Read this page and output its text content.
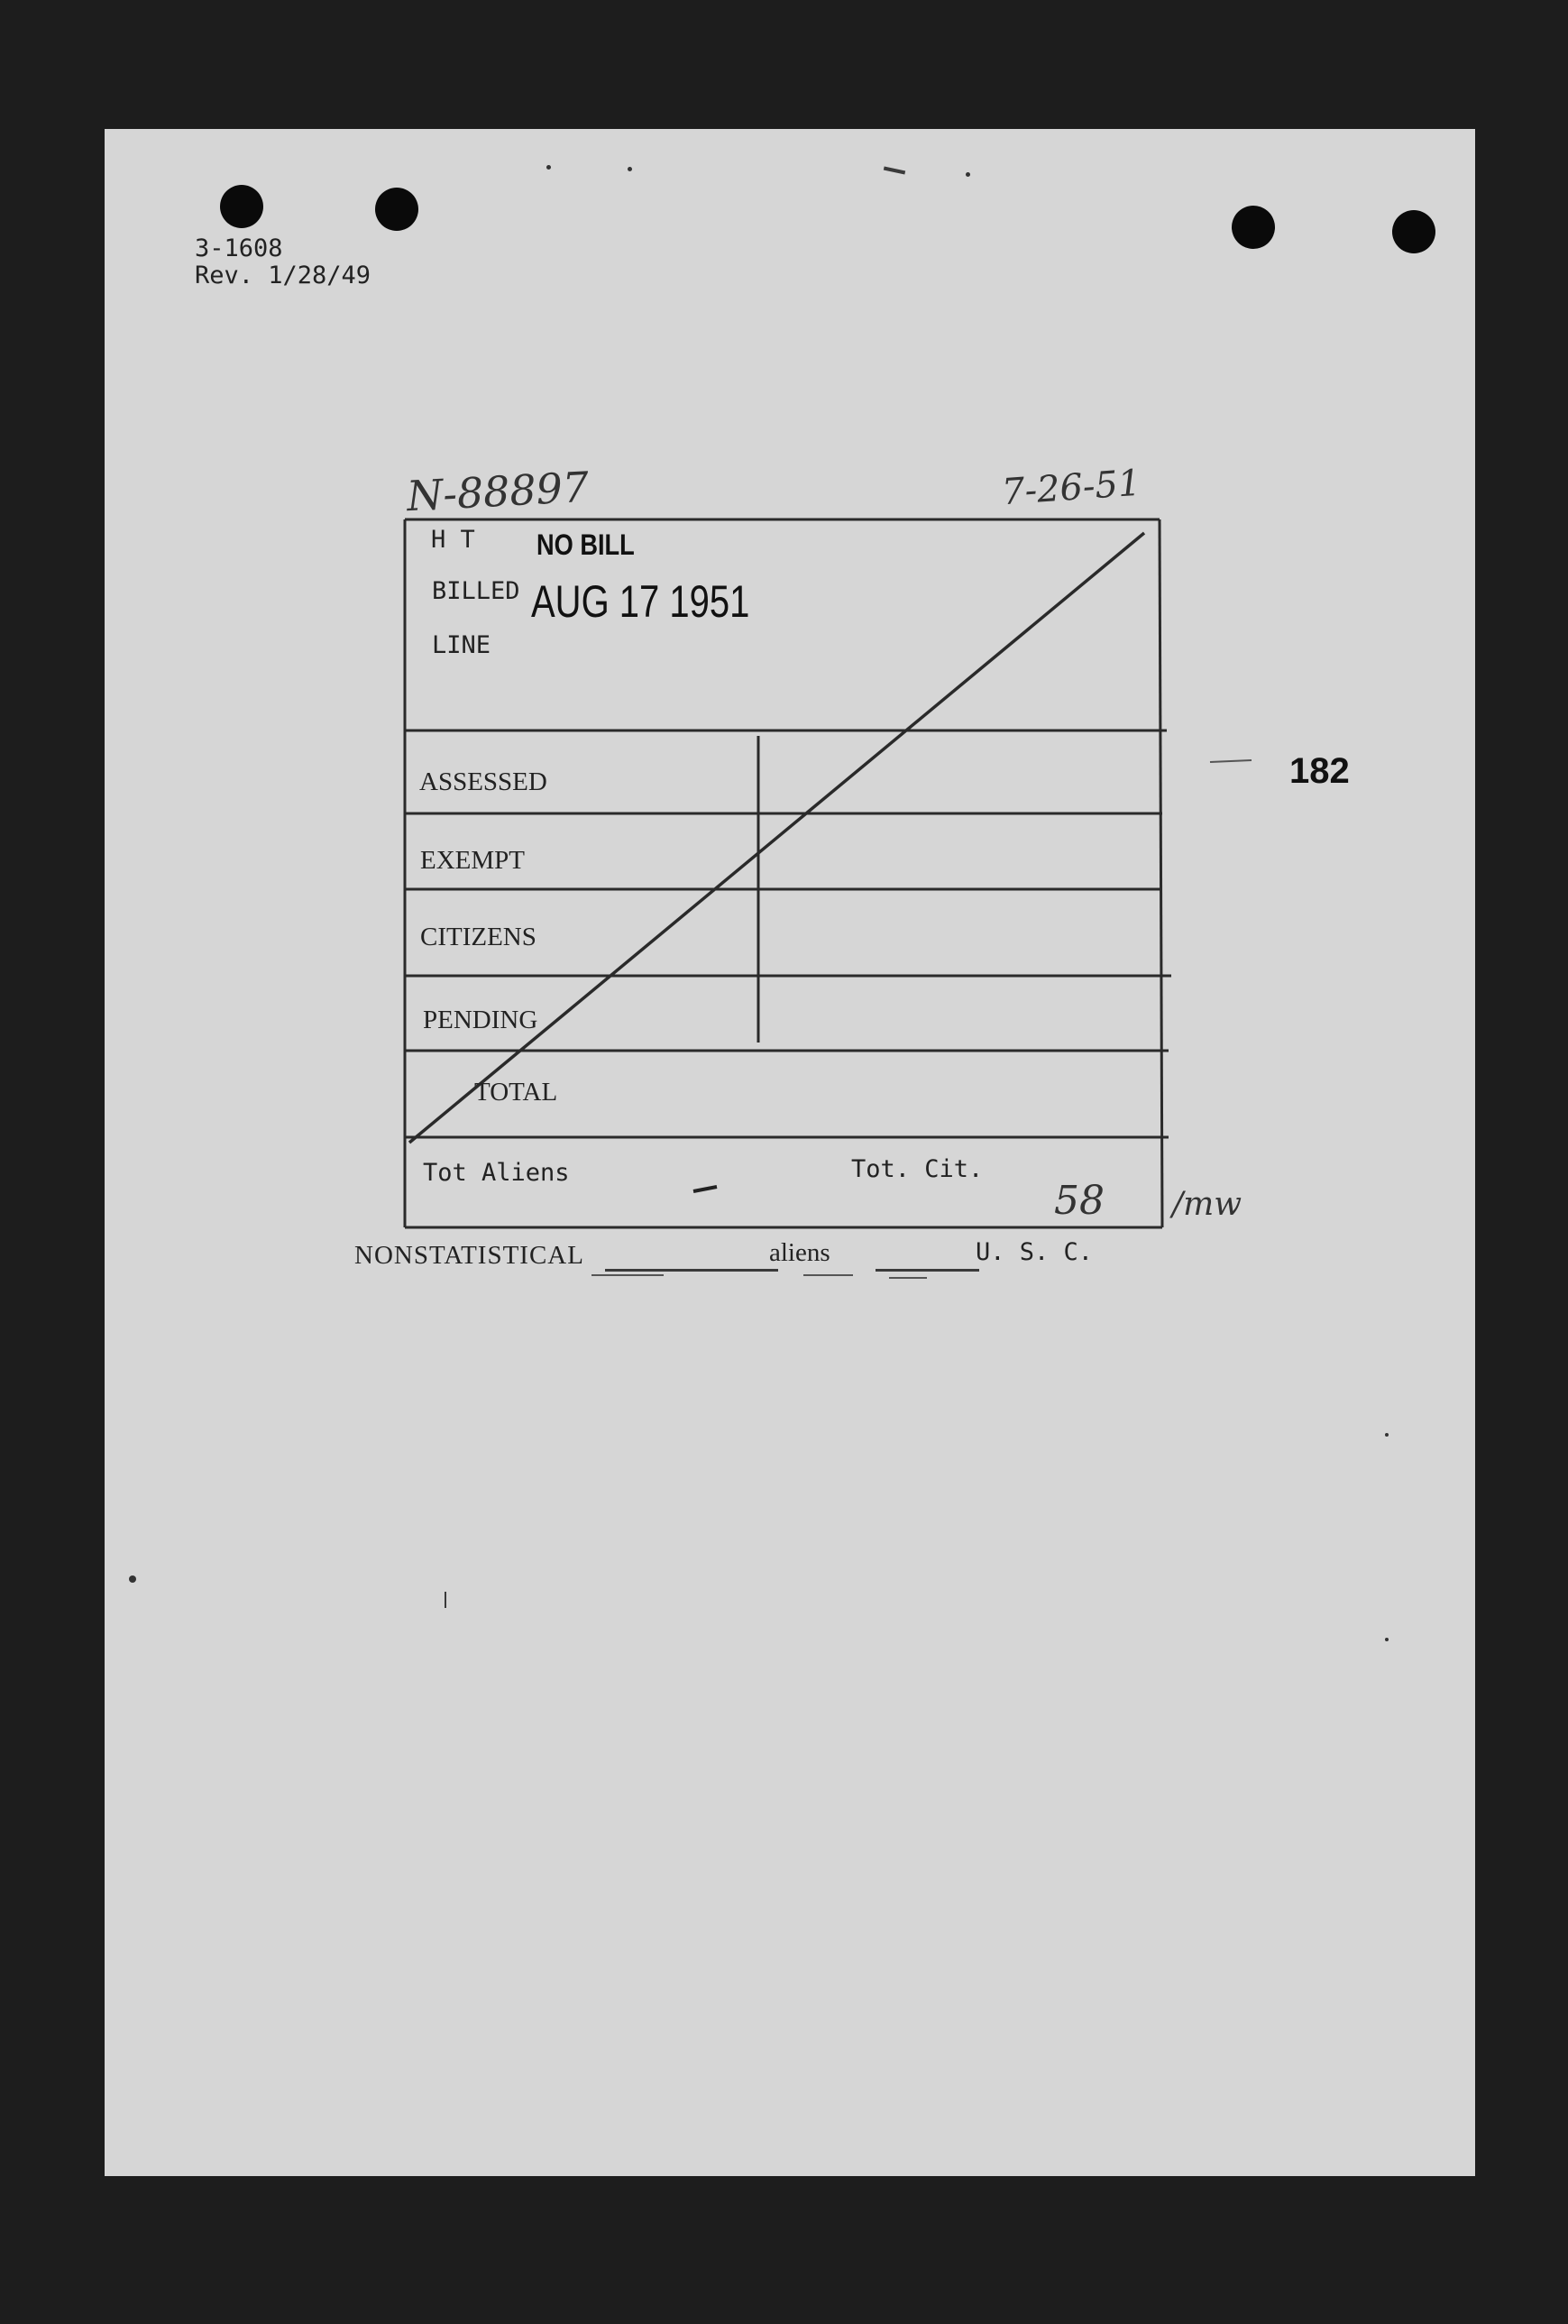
3-1608
Rev. 1/28/49
N-88897	7-26-51
H T
BILLED
LINE
NO BILL
AUG 17 1951
182
ASSESSED
EXEMPT
CITIZENS
PENDING
TOTAL
Tot Aliens	Tot. Cit.
58 /mw
NONSTATISTICAL	aliens	U. S. C.
